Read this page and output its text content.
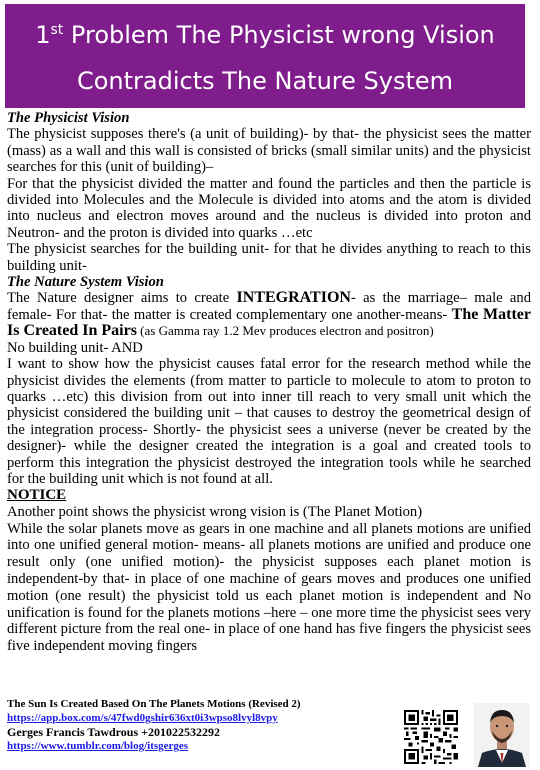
1st Problem The Physicist wrong Vision
Contradicts The Nature System

The Physicist Vision

The physicist supposes there's (a unit of building)- by that- the physicist sees the matter (mass) as a wall and this wall is consisted of bricks (small similar units) and the physicist searches for this (unit of building)–

For that the physicist divided the matter and found the particles and then the particle is divided into Molecules and the Molecule is divided into atoms and the atom is divided into nucleus and electron moves around and the nucleus is divided into proton and Neutron- and the proton is divided into quarks …etc

The physicist searches for the building unit- for that he divides anything to reach to this building unit-

The Nature System Vision

The Nature designer aims to create INTEGRATION- as the marriage– male and female- For that- the matter is created complementary one another-means- The Matter Is Created In Pairs (as Gamma ray 1.2 Mev produces electron and positron)

No building unit- AND

I want to show how the physicist causes fatal error for the research method while the physicist divides the elements (from matter to particle to molecule to atom to proton to quarks …etc) this division from out into inner till reach to very small unit which the physicist considered the building unit – that causes to destroy the geometrical design of the integration process- Shortly- the physicist sees a universe (never be created by the designer)- while the designer created the integration is a goal and created tools to perform this integration the physicist destroyed the integration tools while he searched for the building unit which is not found at all.

NOTICE

Another point shows the physicist wrong vision is (The Planet Motion)

While the solar planets move as gears in one machine and all planets motions are unified into one unified general motion- means- all planets motions are unified and produce one result only (one unified motion)- the physicist supposes each planet motion is independent-by that- in place of one machine of gears moves and produces one unified motion (one result) the physicist told us each planet motion is independent and No unification is found for the planets motions –here – one more time the physicist sees very different picture from the real one- in place of one hand has five fingers the physicist sees five independent moving fingers

The Sun Is Created Based On The Planets Motions (Revised 2)
https://app.box.com/s/47fwd0gshir636xt0i3wpso8lvyl8vpy
Gerges Francis Tawdrous +201022532292
https://www.tumblr.com/blog/itsgerges
